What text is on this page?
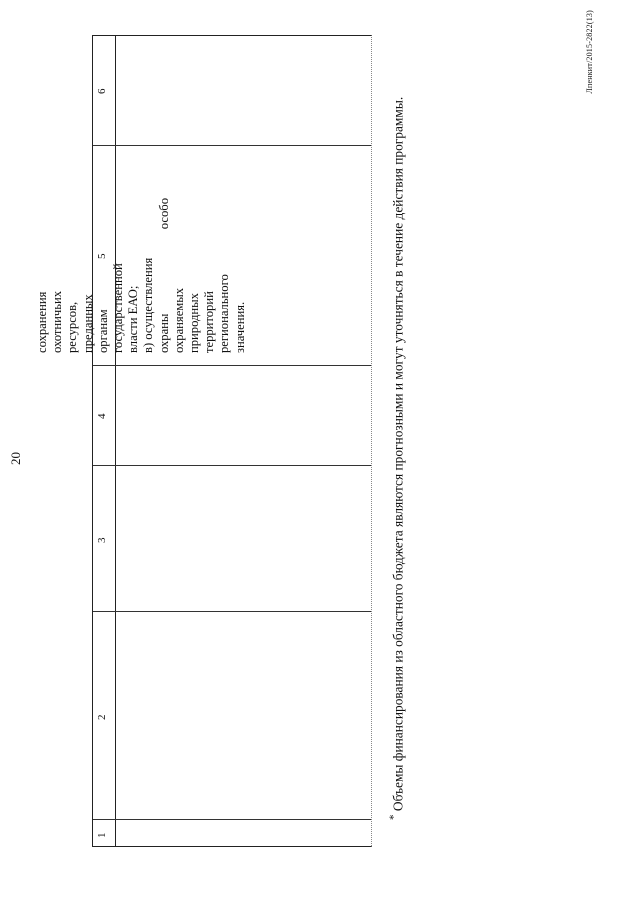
20
1
2
3
4
5
6
сохранения охотничьих ресурсов, преданных органам государственной власти ЕАО; в) осуществления охраны
особо
охраняемых природных территорий регионального значения.
* Объемы финансирования из областного бюджета являются прогнозными и могут уточняться в течение действия программы.
Лпенкит/2015-2822(13)
